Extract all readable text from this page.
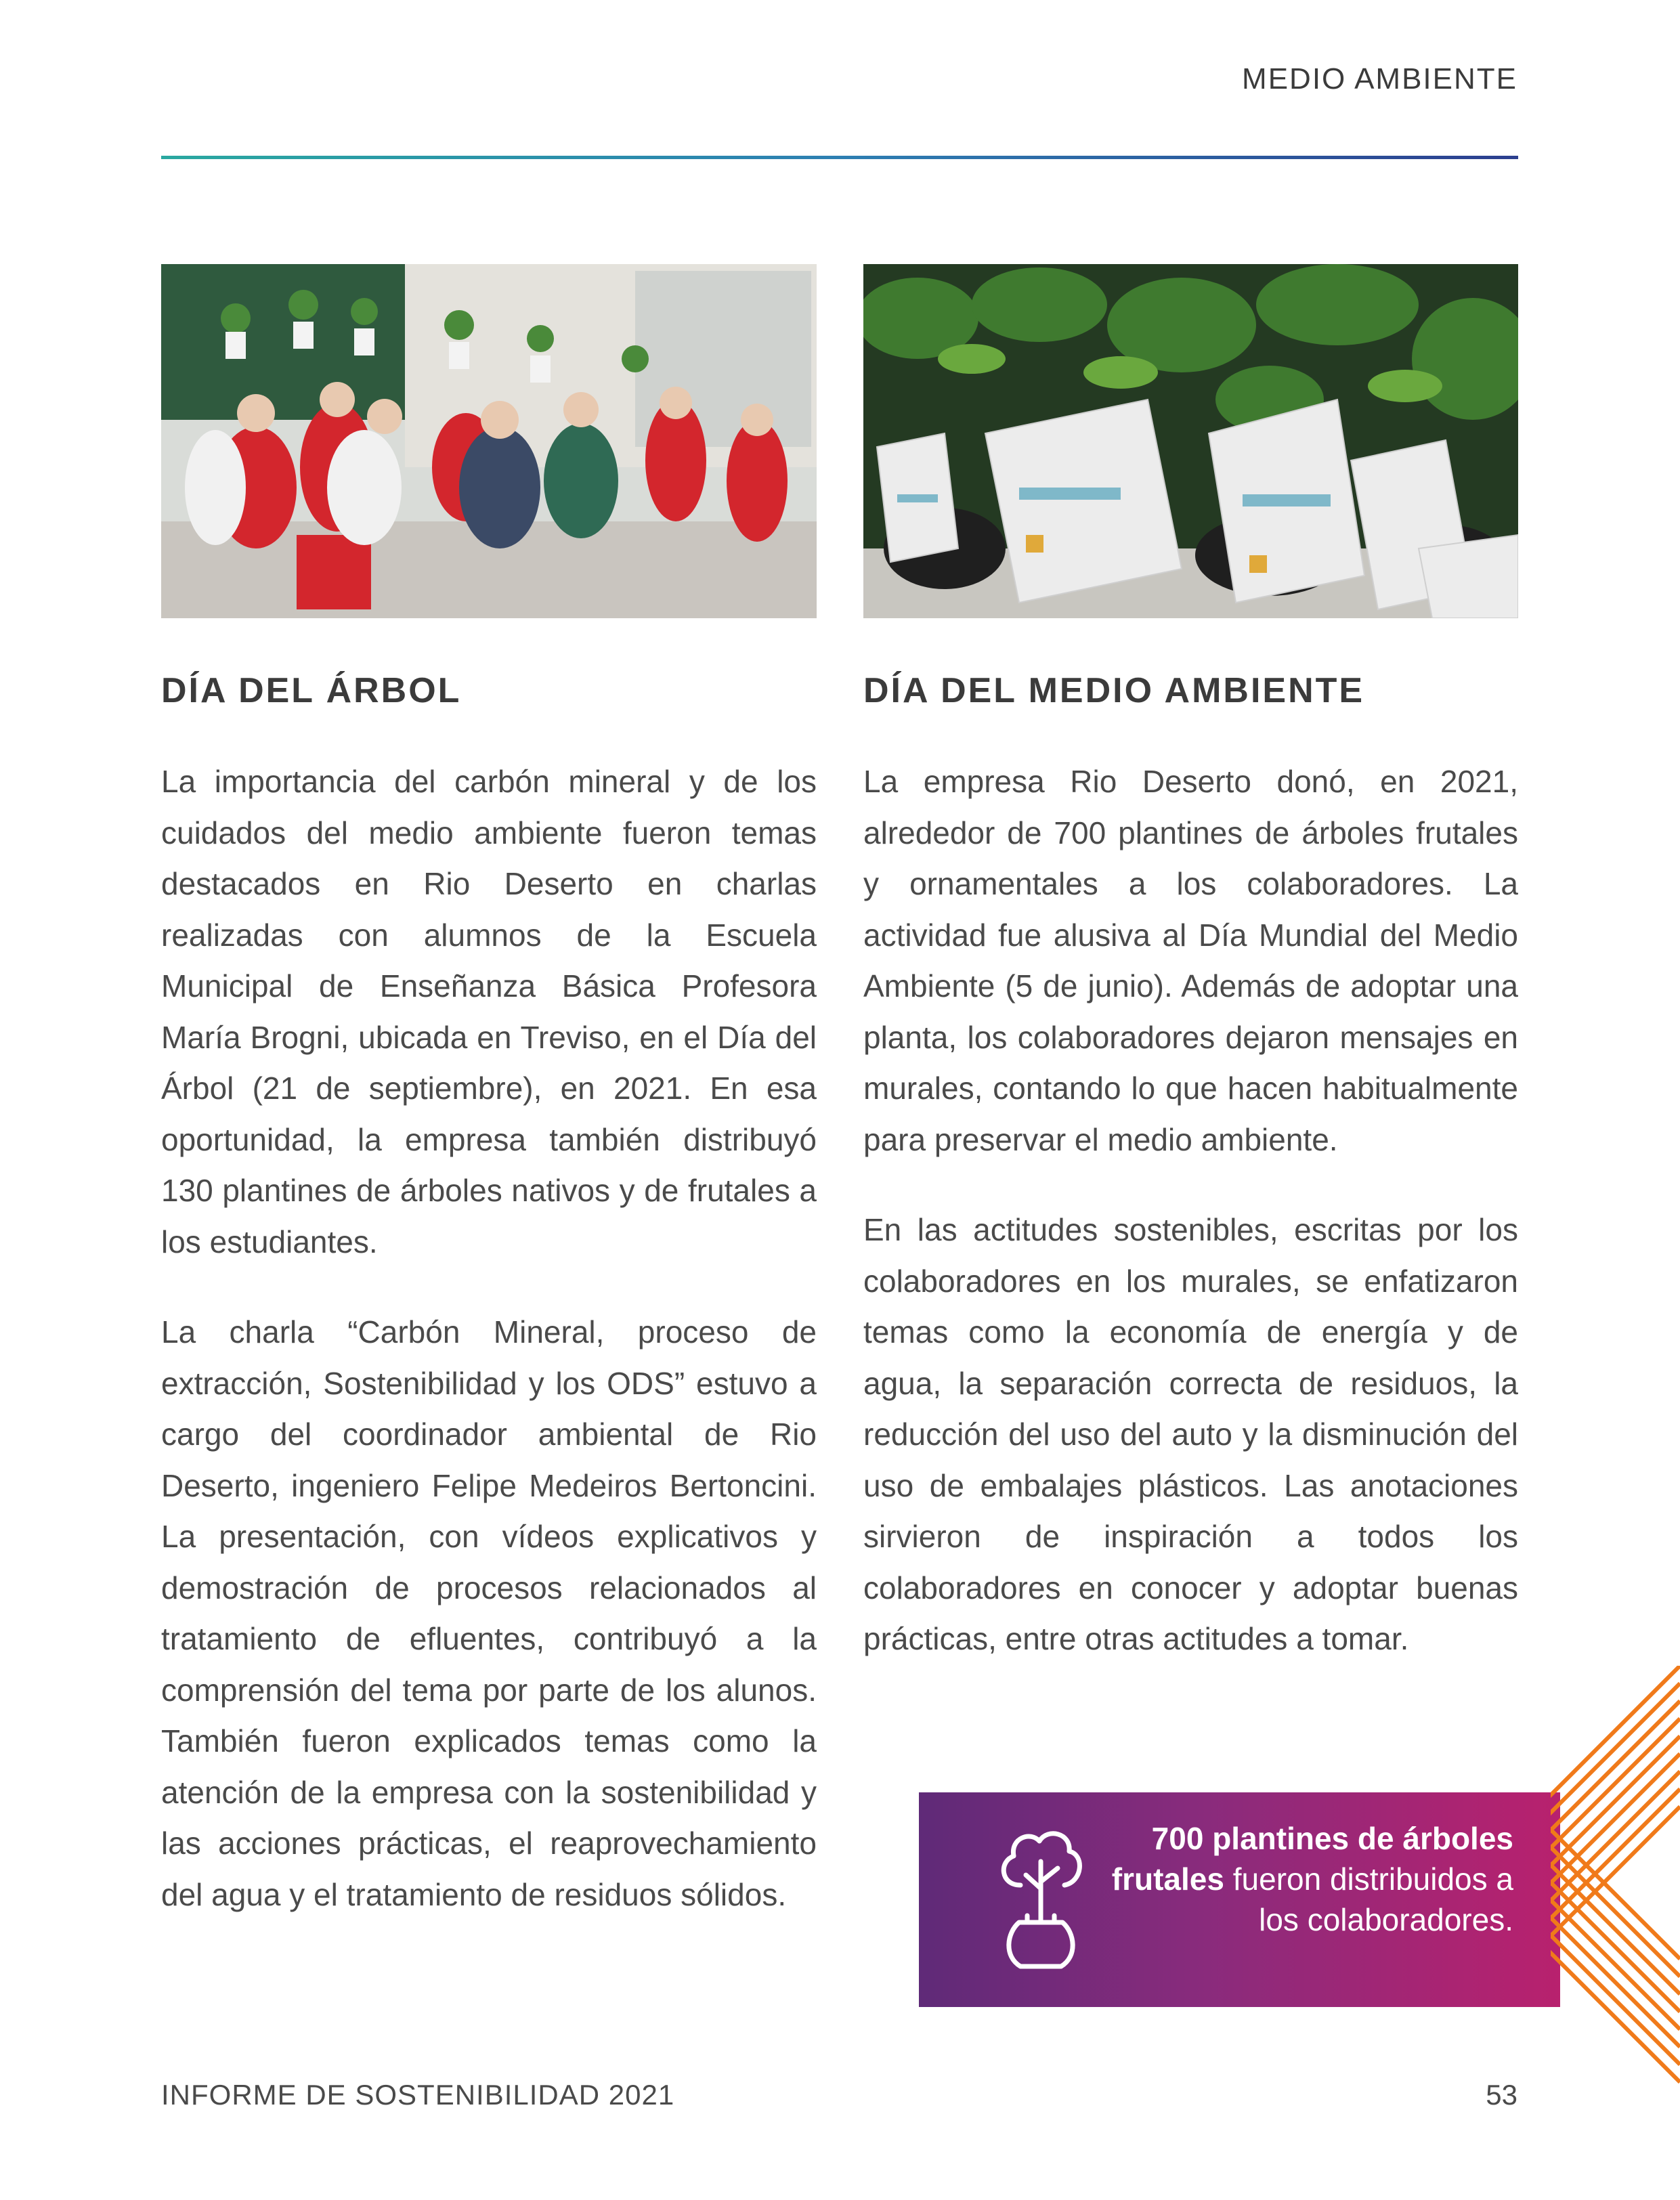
MEDIO AMBIENTE
DÍA DEL ÁRBOL

La importancia del carbón mineral y de los cuidados del medio ambiente fueron temas destacados en Rio Deserto en charlas realizadas con alumnos de la Escuela Municipal de Enseñanza Básica Profesora María Brogni, ubicada en Treviso, en el Día del Árbol (21 de septiembre), en 2021. En esa oportunidad, la empresa también distribuyó 130 plantines de árboles nativos y de frutales a los estudiantes.

La charla “Carbón Mineral, proceso de extracción, Sostenibilidad y los ODS” estuvo a cargo del coordinador ambiental de Rio Deserto, ingeniero Felipe Medeiros Bertoncini. La presentación, con vídeos explicativos y demostración de procesos relacionados al tratamiento de efluentes, contribuyó a la comprensión del tema por parte de los alunos. También fueron explicados temas como la atención de la empresa con la sostenibilidad y las acciones prácticas, el reaprovechamiento del agua y el tratamiento de residuos sólidos.

DÍA DEL MEDIO AMBIENTE

La empresa Rio Deserto donó, en 2021, alrededor de 700 plantines de árboles frutales y ornamentales a los colaboradores. La actividad fue alusiva al Día Mundial del Medio Ambiente (5 de junio). Además de adoptar una planta, los colaboradores dejaron mensajes en murales, contando lo que hacen habitualmente para preservar el medio ambiente.

En las actitudes sostenibles, escritas por los colaboradores en los murales, se enfatizaron temas como la economía de energía y de agua, la separación correcta de residuos, la reducción del uso del auto y la disminución del uso de embalajes plásticos. Las anotaciones sirvieron de inspiración a todos los colaboradores en conocer y adoptar buenas prácticas, entre otras actitudes a tomar.

700 plantines de árboles frutales fueron distribuidos a los colaboradores.
INFORME DE SOSTENIBILIDAD 2021	53
